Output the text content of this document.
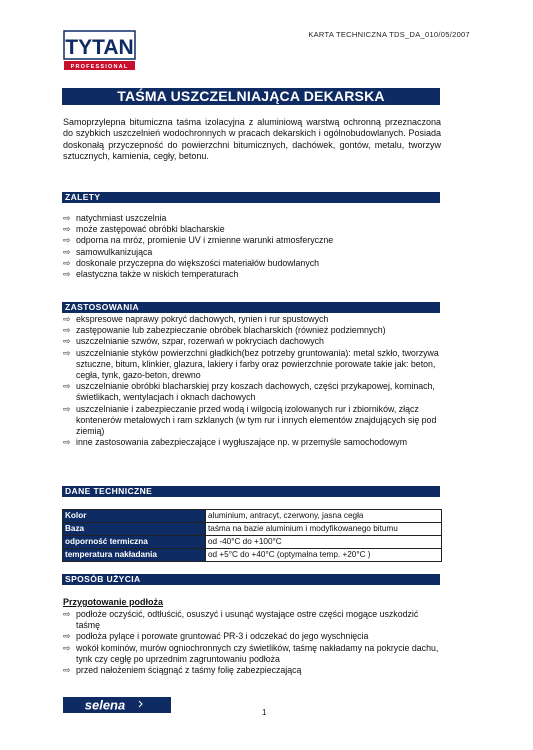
KARTA TECHNICZNA TDS_DA_010/05/2007
TYTAN
PROFESSIONAL
TAŚMA USZCZELNIAJĄCA DEKARSKA
Samoprzylepna bitumiczna taśma izolacyjna z aluminiową warstwą ochronną przeznaczona do szybkich uszczelnień wodochronnych w pracach dekarskich i ogólnobudowlanych. Posiada doskonałą przyczepność do powierzchni bitumicznych, dachówek, gontów, metalu, tworzyw sztucznych, kamienia, cegły, betonu.
ZALETY
⇨ natychmiast uszczelnia
⇨ może zastępować obróbki blacharskie
⇨ odporna na mróz, promienie UV i zmienne warunki atmosferyczne
⇨ samowulkanizująca
⇨ doskonale przyczepna do większości materiałów budowlanych
⇨ elastyczna także w niskich temperaturach
ZASTOSOWANIA
⇨ ekspresowe naprawy pokryć dachowych, rynien i rur spustowych
⇨ zastępowanie lub zabezpieczanie obróbek blacharskich (również podziemnych)
⇨ uszczelnianie szwów, szpar, rozerwań w pokryciach dachowych
⇨ uszczelnianie styków powierzchni gładkich(bez potrzeby gruntowania): metal szkło, tworzywa sztuczne, bitum, klinkier, glazura, lakiery i farby oraz powierzchnie porowate takie jak: beton, cegła, tynk, gazo-beton, drewno
⇨ uszczelnianie obróbki blacharskiej przy koszach dachowych, części przykapowej, kominach, świetlikach, wentylacjach i oknach dachowych
⇨ uszczelnianie i zabezpieczanie przed wodą i wilgocią izolowanych rur i zbiorników, złącz kontenerów metalowych i ram szklanych (w tym rur i innych elementów znajdujących się pod ziemią)
⇨ inne zastosowania zabezpieczające i wygłuszające np. w przemyśle samochodowym
DANE TECHNICZNE
Kolor	aluminium, antracyt, czerwony, jasna cegła
Baza	taśma na bazie aluminium i modyfikowanego bitumu
odporność termiczna	od -40°C do +100°C
temperatura nakładania	od +5°C do +40°C (optymalna temp. +20°C )
SPOSÓB UŻYCIA
Przygotowanie podłoża
⇨ podłoże oczyścić, odtłuścić, osuszyć i usunąć wystające ostre części mogące uszkodzić taśmę
⇨ podłoża pylące i porowate gruntować PR-3 i odczekać do jego wyschnięcia
⇨ wokół kominów, murów ogniochronnych czy świetlików, taśmę nakładamy na pokrycie dachu, tynk czy cegłę po uprzednim zagruntowaniu podłoża
⇨ przed nałożeniem ściągnąć z taśmy folię zabezpieczającą
selena	1
